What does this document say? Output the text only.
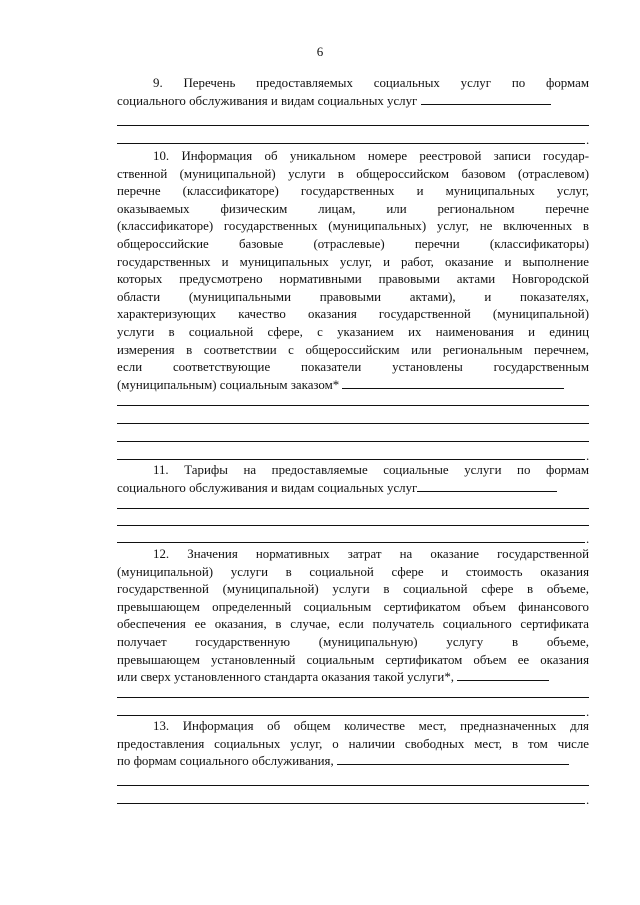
6
9. Перечень предоставляемых социальных услуг по формам
социального обслуживания и видам социальных услуг
.
10. Информация об уникальном номере реестровой записи государ-
ственной (муниципальной) услуги в общероссийском базовом (отраслевом)
перечне (классификаторе) государственных и муниципальных услуг,
оказываемых физическим лицам, или региональном перечне
(классификаторе) государственных (муниципальных) услуг, не включенных в
общероссийские базовые (отраслевые) перечни (классификаторы)
государственных и муниципальных услуг, и работ, оказание и выполнение
которых предусмотрено нормативными правовыми актами Новгородской
области (муниципальными правовыми актами), и показателях,
характеризующих качество оказания государственной (муниципальной)
услуги в социальной сфере, с указанием их наименования и единиц
измерения в соответствии с общероссийским или региональным перечнем,
если соответствующие показатели установлены государственным
(муниципальным) социальным заказом*
.
11. Тарифы на предоставляемые социальные услуги по формам
социального обслуживания и видам социальных услуг
.
12. Значения нормативных затрат на оказание государственной
(муниципальной) услуги в социальной сфере и стоимость оказания
государственной (муниципальной) услуги в социальной сфере в объеме,
превышающем определенный социальным сертификатом объем финансового
обеспечения ее оказания, в случае, если получатель социального сертификата
получает государственную (муниципальную) услугу в объеме,
превышающем установленный социальным сертификатом объем ее оказания
или сверх установленного стандарта оказания такой услуги*,
.
13. Информация об общем количестве мест, предназначенных для
предоставления социальных услуг, о наличии свободных мест, в том числе
по формам социального обслуживания,
.
